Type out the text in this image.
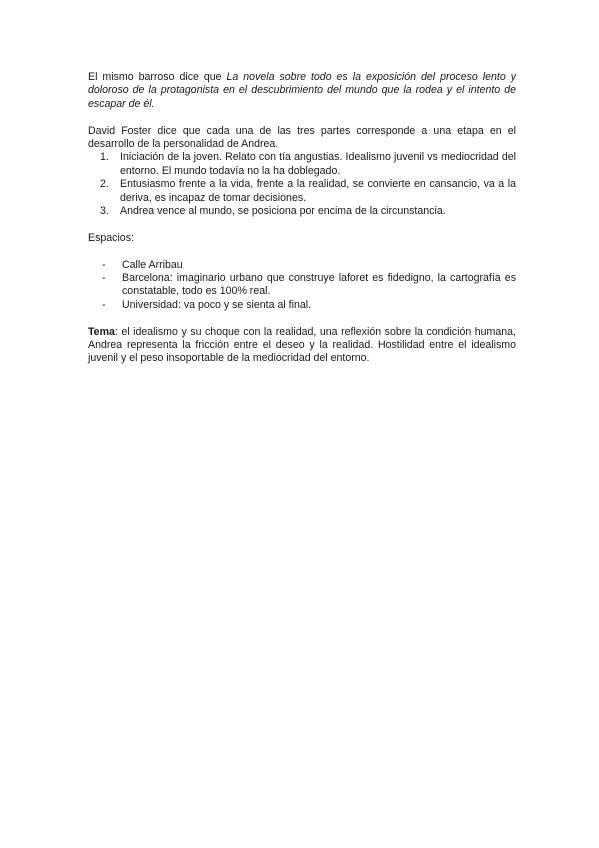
El mismo barroso dice que La novela sobre todo es la exposición del proceso lento y doloroso de la protagonista en el descubrimiento del mundo que la rodea y el intento de escapar de él.

David Foster dice que cada una de las tres partes corresponde a una etapa en el desarrollo de la personalidad de Andrea.

1. Iniciación de la joven. Relato con tía angustias. Idealismo juvenil vs mediocridad del entorno. El mundo todavía no la ha doblegado.
2. Entusiasmo frente a la vida, frente a la realidad, se convierte en cansancio, va a la deriva, es incapaz de tomar decisiones.
3. Andrea vence al mundo, se posiciona por encima de la circunstancia.

Espacios:

- Calle Arribau
- Barcelona: imaginario urbano que construye laforet es fidedigno, la cartografía es constatable, todo es 100% real.
- Universidad: va poco y se sienta al final.

Tema: el idealismo y su choque con la realidad, una reflexión sobre la condición humana, Andrea representa la fricción entre el deseo y la realidad. Hostilidad entre el idealismo juvenil y el peso insoportable de la mediocridad del entorno.
